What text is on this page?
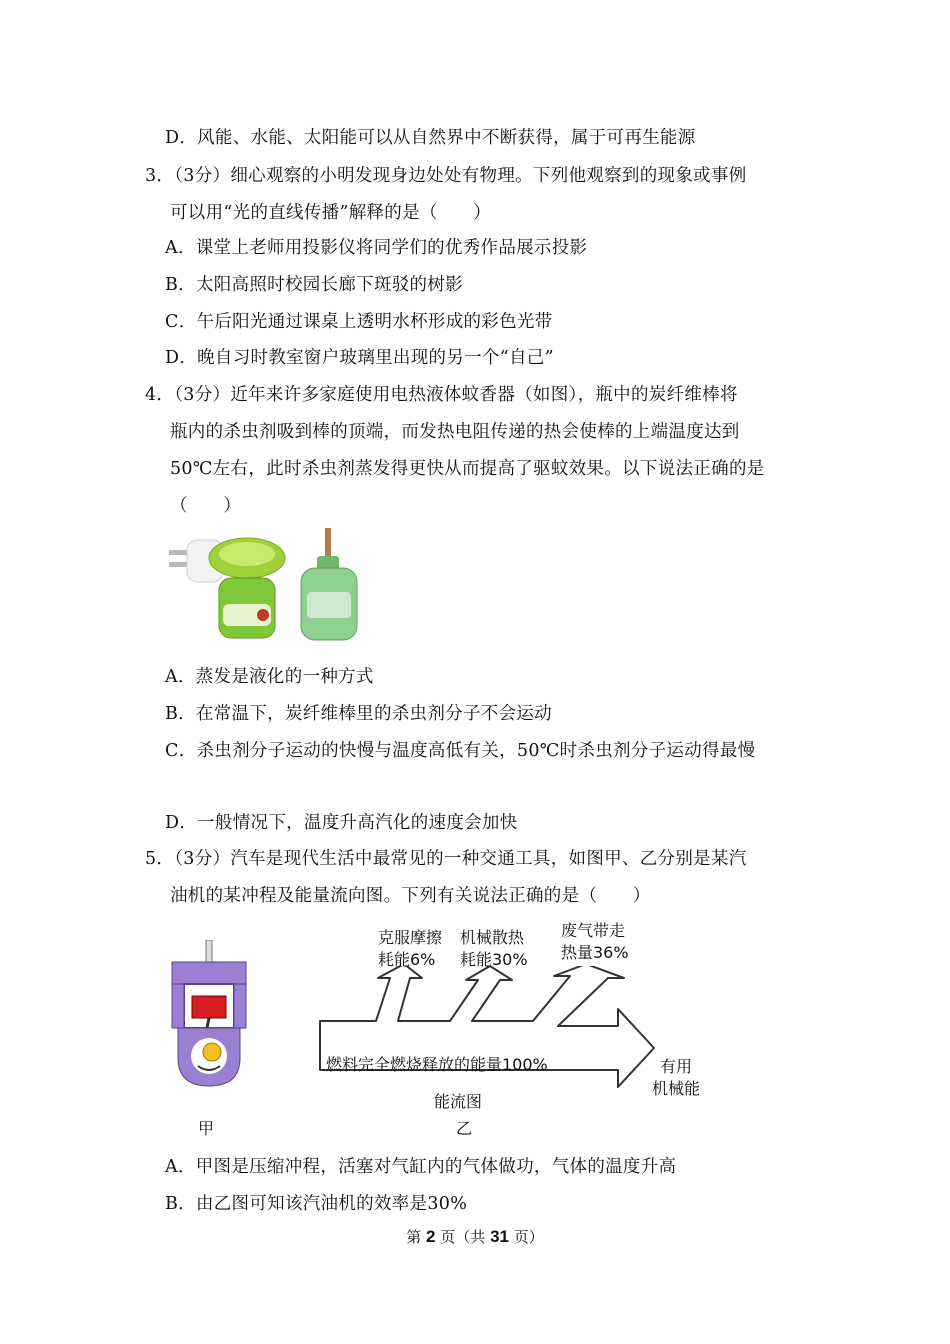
D．风能、水能、太阳能可以从自然界中不断获得，属于可再生能源
3．（3分）细心观察的小明发现身边处处有物理。下列他观察到的现象或事例
可以用“光的直线传播”解释的是（　　）
A．课堂上老师用投影仪将同学们的优秀作品展示投影
B．太阳高照时校园长廊下斑驳的树影
C．午后阳光通过课桌上透明水杯形成的彩色光带
D．晚自习时教室窗户玻璃里出现的另一个“自己”
4．（3分）近年来许多家庭使用电热液体蚊香器（如图），瓶中的炭纤维棒将
瓶内的杀虫剂吸到棒的顶端，而发热电阻传递的热会使棒的上端温度达到
50℃左右，此时杀虫剂蒸发得更快从而提高了驱蚊效果。以下说法正确的是
（　　）
A．蒸发是液化的一种方式
B．在常温下，炭纤维棒里的杀虫剂分子不会运动
C．杀虫剂分子运动的快慢与温度高低有关，50℃时杀虫剂分子运动得最慢
D．一般情况下，温度升高汽化的速度会加快
5．（3分）汽车是现代生活中最常见的一种交通工具，如图甲、乙分别是某汽
油机的某冲程及能量流向图。下列有关说法正确的是（　　）
甲
克服摩擦
耗能6%
机械散热
耗能30%
废气带走
热量36%
燃料完全燃烧释放的能量100%	有用
机械能
能流图
乙
A．甲图是压缩冲程，活塞对气缸内的气体做功，气体的温度升高
B．由乙图可知该汽油机的效率是30%
第 2 页（共 31 页）
